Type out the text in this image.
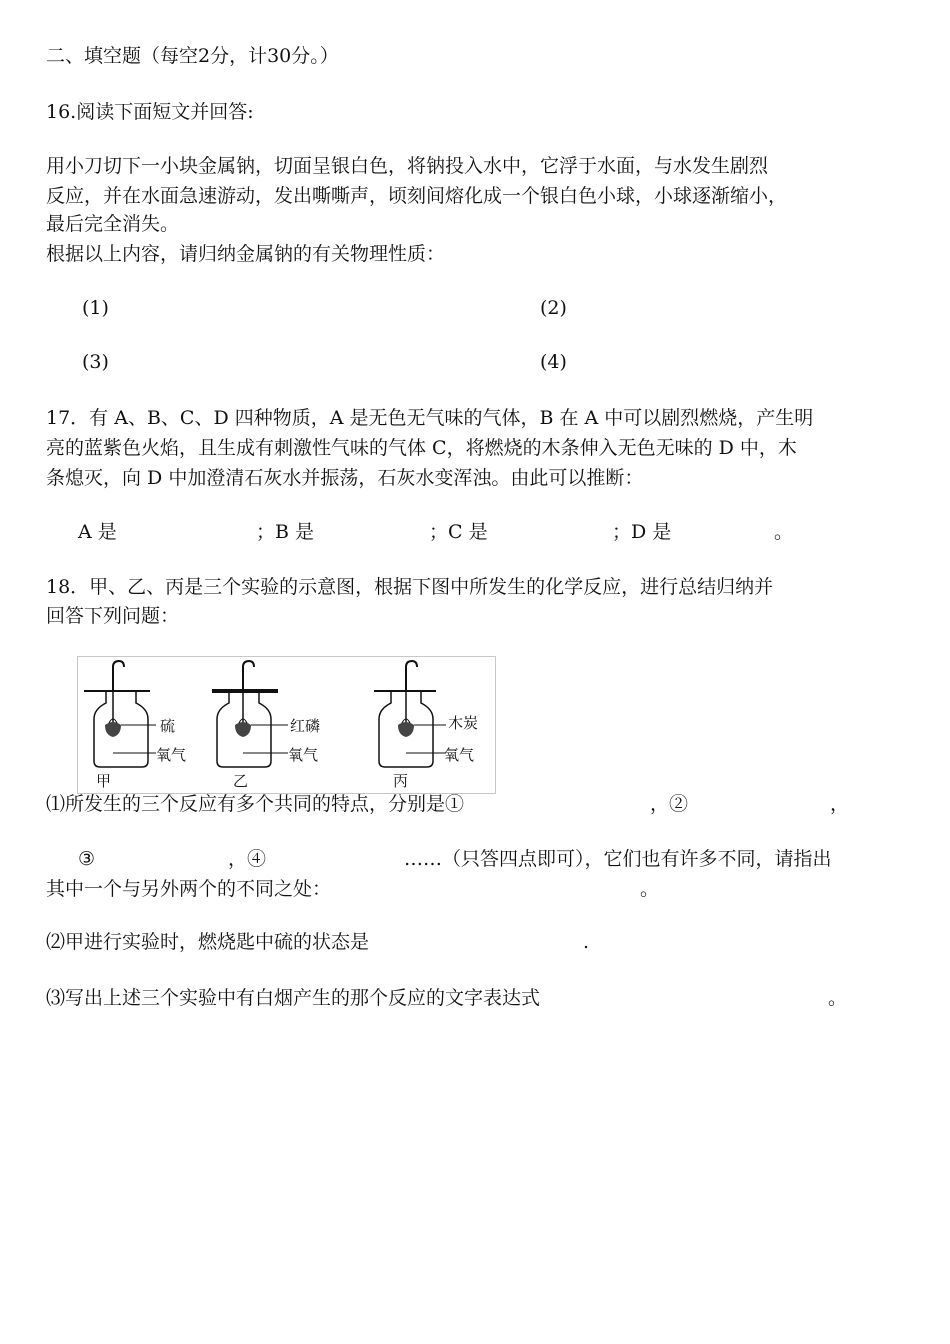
二、填空题（每空2分，计30分。）
16.阅读下面短文并回答:
用小刀切下一小块金属钠，切面呈银白色，将钠投入水中，它浮于水面，与水发生剧烈
反应，并在水面急速游动，发出嘶嘶声，顷刻间熔化成一个银白色小球，小球逐渐缩小，
最后完全消失。
根据以上内容，请归纳金属钠的有关物理性质：
(1)	(2)
(3)	(4)
17．有 A、B、C、D 四种物质，A 是无色无气味的气体，B 在 A 中可以剧烈燃烧，产生明
亮的蓝紫色火焰，且生成有刺激性气味的气体 C，将燃烧的木条伸入无色无味的 D 中，木
条熄灭，向 D 中加澄清石灰水并振荡，石灰水变浑浊。由此可以推断：
A 是	；B 是	；C 是	；D 是	。
18．甲、乙、丙是三个实验的示意图，根据下图中所发生的化学反应，进行总结归纳并
回答下列问题：
硫
氧气
甲
红磷
氧气
乙
木炭
氧气
丙
⑴所发生的三个反应有多个共同的特点，分别是①	，②	，
③	，④	……（只答四点即可），它们也有许多不同，请指出
其中一个与另外两个的不同之处：	。
⑵甲进行实验时，燃烧匙中硫的状态是	.
⑶写出上述三个实验中有白烟产生的那个反应的文字表达式	。
